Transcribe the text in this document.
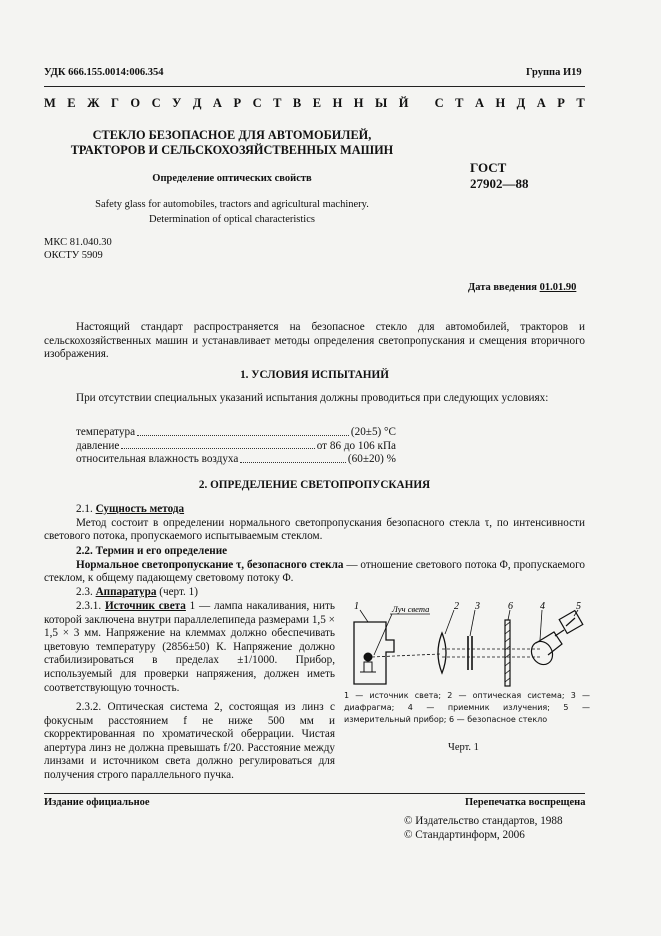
УДК 666.155.0014:006.354	Группа И19
М Е Ж Г О С У Д А Р С Т В Е Н Н Ы Й
С Т А Н Д А Р Т
СТЕКЛО БЕЗОПАСНОЕ ДЛЯ АВТОМОБИЛЕЙ,
ТРАКТОРОВ И СЕЛЬСКОХОЗЯЙСТВЕННЫХ МАШИН
Определение оптических свойств
Safety glass for automobiles, tractors and agricultural machinery.
Determination of optical characteristics
ГОСТ
27902—88
МКС 81.040.30
ОКСТУ 5909
Дата введения 01.01.90
Настоящий стандарт распространяется на безопасное стекло для автомобилей, тракторов и сельскохозяйственных машин и устанавливает методы определения светопропускания и смещения вторичного изображения.
1. УСЛОВИЯ ИСПЫТАНИЙ
При отсутствии специальных указаний испытания должны проводиться при следующих условиях:
температура	(20±5) °С
давление	от 86 до 106 кПа
относительная влажность воздуха	(60±20) %
2. ОПРЕДЕЛЕНИЕ СВЕТОПРОПУСКАНИЯ
2.1. Сущность метода
Метод состоит в определении нормального светопропускания безопасного стекла τ, по интенсивности светового потока, пропускаемого испытываемым стеклом.
2.2. Термин и его определение
Нормальное светопропускание τ, безопасного стекла — отношение светового потока Φ, пропускаемого стеклом, к общему падающему световому потоку Φ.
2.3. Аппаратура (черт. 1)
2.3.1. Источник света 1 — лампа накаливания, нить которой заключена внутри параллелепипеда размерами 1,5 × 1,5 × 3 мм. Напряжение на клеммах должно обеспечивать цветовую температуру (2856±50) К. Напряжение должно стабилизироваться в пределах ±1/1000. Прибор, используемый для проверки напряжения, должен иметь соответствующую точность.
2.3.2. Оптическая система 2, состоящая из линз с фокусным расстоянием f не ниже 500 мм и скорректированная по хроматической оберрации. Чистая апертура линз не должна превышать f/20. Расстояние между линзами и источником света должно регулироваться для получения строго параллельного пучка.
Луч света
1	2 3	6	4	5
1 — источник света; 2 — оптическая система; 3 — диафрагма; 4 — приемник излучения; 5 — измерительный прибор; 6 — безопасное стекло
Черт. 1
Издание официальное	Перепечатка воспрещена
© Издательство стандартов, 1988
© Стандартинформ, 2006
